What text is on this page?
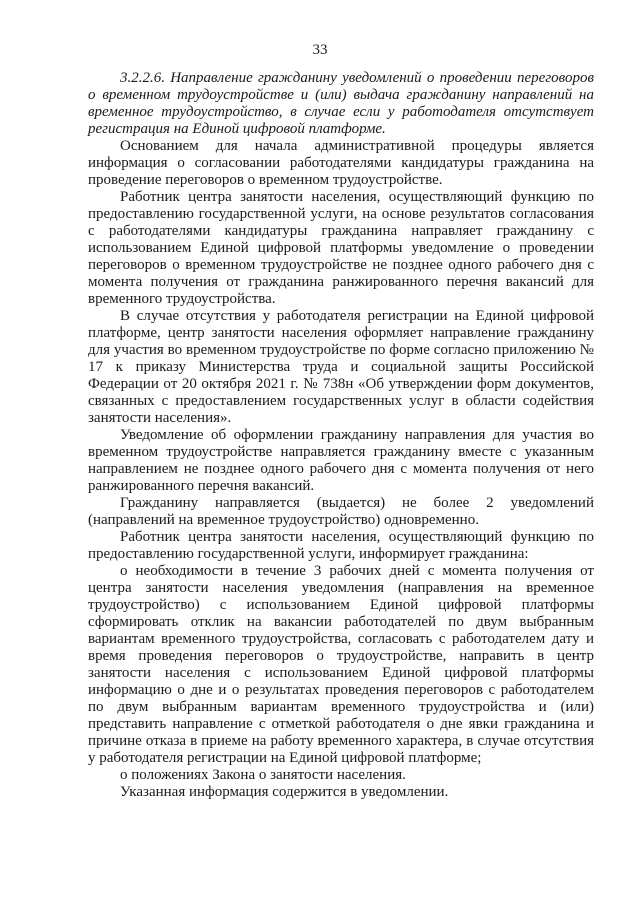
33

3.2.2.6. Направление гражданину уведомлений о проведении переговоров о временном трудоустройстве и (или) выдача гражданину направлений на временное трудоустройство, в случае если у работодателя отсутствует регистрация на Единой цифровой платформе.

Основанием для начала административной процедуры является информация о согласовании работодателями кандидатуры гражданина на проведение переговоров о временном трудоустройстве.

Работник центра занятости населения, осуществляющий функцию по предоставлению государственной услуги, на основе результатов согласования с работодателями кандидатуры гражданина направляет гражданину с использованием Единой цифровой платформы уведомление о проведении переговоров о временном трудоустройстве не позднее одного рабочего дня с момента получения от гражданина ранжированного перечня вакансий для временного трудоустройства.

В случае отсутствия у работодателя регистрации на Единой цифровой платформе, центр занятости населения оформляет направление гражданину для участия во временном трудоустройстве по форме согласно приложению № 17 к приказу Министерства труда и социальной защиты Российской Федерации от 20 октября 2021 г. № 738н «Об утверждении форм документов, связанных с предоставлением государственных услуг в области содействия занятости населения».

Уведомление об оформлении гражданину направления для участия во временном трудоустройстве направляется гражданину вместе с указанным направлением не позднее одного рабочего дня с момента получения от него ранжированного перечня вакансий.

Гражданину направляется (выдается) не более 2 уведомлений (направлений на временное трудоустройство) одновременно.

Работник центра занятости населения, осуществляющий функцию по предоставлению государственной услуги, информирует гражданина:

о необходимости в течение 3 рабочих дней с момента получения от центра занятости населения уведомления (направления на временное трудоустройство) с использованием Единой цифровой платформы сформировать отклик на вакансии работодателей по двум выбранным вариантам временного трудоустройства, согласовать с работодателем дату и время проведения переговоров о трудоустройстве, направить в центр занятости населения с использованием Единой цифровой платформы информацию о дне и о результатах проведения переговоров с работодателем по двум выбранным вариантам временного трудоустройства и (или) представить направление с отметкой работодателя о дне явки гражданина и причине отказа в приеме на работу временного характера, в случае отсутствия у работодателя регистрации на Единой цифровой платформе;

о положениях Закона о занятости населения.

Указанная информация содержится в уведомлении.
